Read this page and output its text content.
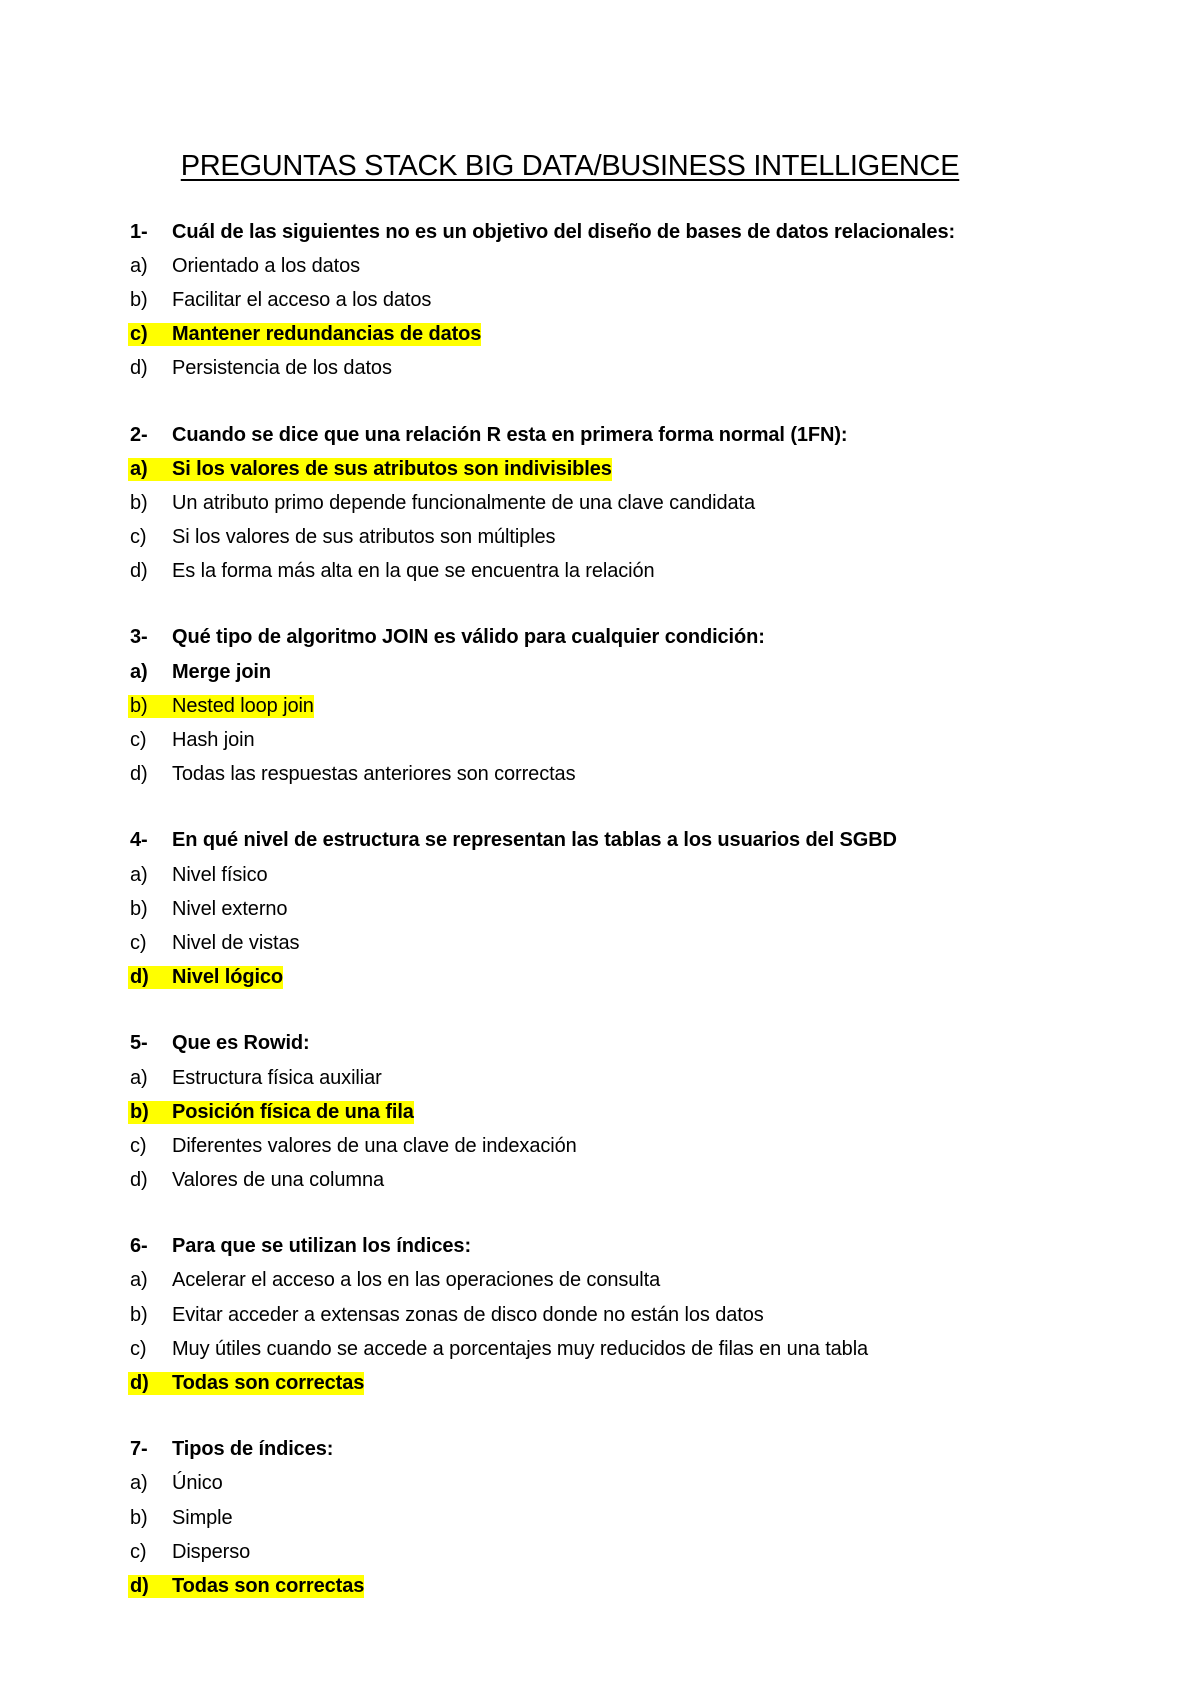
PREGUNTAS STACK BIG DATA/BUSINESS INTELLIGENCE
1-	Cuál de las siguientes no es un objetivo del diseño de bases de datos relacionales:
a)	Orientado a los datos
b)	Facilitar el acceso a los datos
c)	Mantener redundancias de datos
d)	Persistencia de los datos
2-	Cuando se dice que una relación R esta en primera forma normal (1FN):
a)	Si los valores de sus atributos son indivisibles
b)	Un atributo primo depende funcionalmente de una clave candidata
c)	Si los valores de sus atributos son múltiples
d)	Es la forma más alta en la que se encuentra la relación
3-	Qué tipo de algoritmo JOIN es válido para cualquier condición:
a)	Merge join
b)	Nested loop join
c)	Hash join
d)	Todas las respuestas anteriores son correctas
4-	En qué nivel de estructura se representan las tablas a los usuarios del SGBD
a)	Nivel físico
b)	Nivel externo
c)	Nivel de vistas
d)	Nivel lógico
5-	Que es Rowid:
a)	Estructura física auxiliar
b)	Posición física de una fila
c)	Diferentes valores de una clave de indexación
d)	Valores de una columna
6-	Para que se utilizan los índices:
a)	Acelerar el acceso a los en las operaciones de consulta
b)	Evitar acceder a extensas zonas de disco donde no están los datos
c)	Muy útiles cuando se accede a porcentajes muy reducidos de filas en una tabla
d)	Todas son correctas
7-	Tipos de índices:
a)	Único
b)	Simple
c)	Disperso
d)	Todas son correctas
